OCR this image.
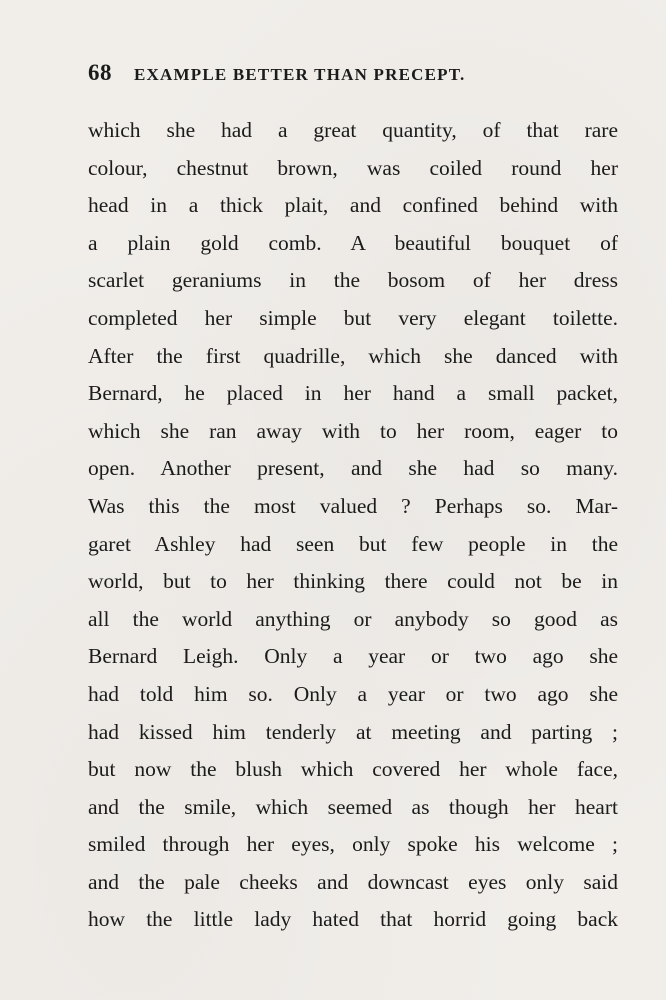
68 EXAMPLE BETTER THAN PRECEPT.
which she had a great quantity, of that rare
colour, chestnut brown, was coiled round her
head in a thick plait, and confined behind with
a plain gold comb. A beautiful bouquet of
scarlet geraniums in the bosom of her dress
completed her simple but very elegant toilette.
After the first quadrille, which she danced with
Bernard, he placed in her hand a small packet,
which she ran away with to her room, eager to
open. Another present, and she had so many.
Was this the most valued ? Perhaps so. Mar-
garet Ashley had seen but few people in the
world, but to her thinking there could not be in
all the world anything or anybody so good as
Bernard Leigh. Only a year or two ago she
had told him so. Only a year or two ago she
had kissed him tenderly at meeting and parting ;
but now the blush which covered her whole face,
and the smile, which seemed as though her heart
smiled through her eyes, only spoke his welcome ;
and the pale cheeks and downcast eyes only said
how the little lady hated that horrid going back
